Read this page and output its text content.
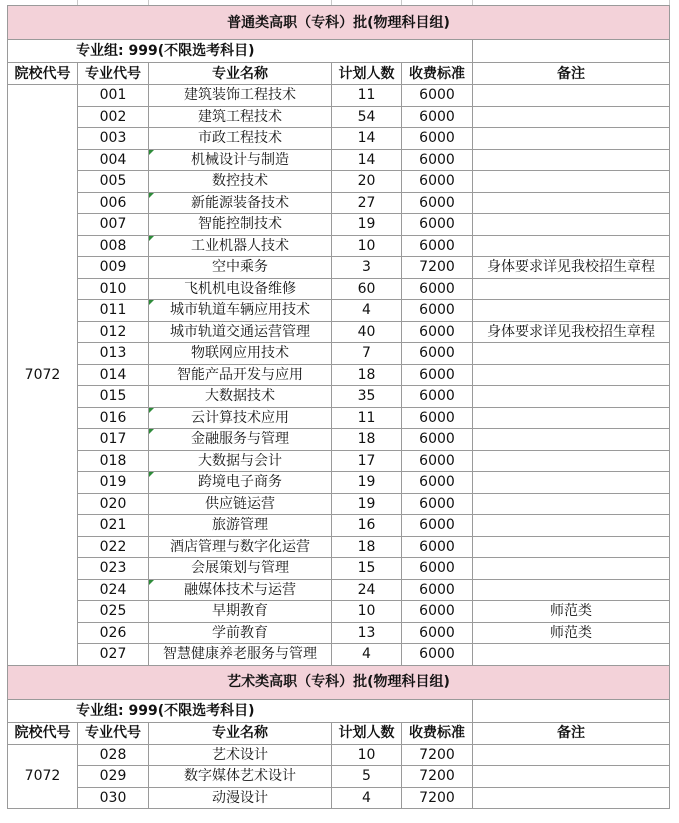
普通类高职（专科）批(物理科目组)					
专业组: 999(不限选考科目)					
院校代号	专业代号	专业名称	计划人数	收费标准	备注
7072	001	建筑装饰工程技术	11	6000	
	002	建筑工程技术	54	6000	
	003	市政工程技术	14	6000	
	004	机械设计与制造	14	6000	
	005	数控技术	20	6000	
	006	新能源装备技术	27	6000	
	007	智能控制技术	19	6000	
	008	工业机器人技术	10	6000	
	009	空中乘务	3	7200	身体要求详见我校招生章程
	010	飞机机电设备维修	60	6000	
	011	城市轨道车辆应用技术	4	6000	
	012	城市轨道交通运营管理	40	6000	身体要求详见我校招生章程
	013	物联网应用技术	7	6000	
	014	智能产品开发与应用	18	6000	
	015	大数据技术	35	6000	
	016	云计算技术应用	11	6000	
	017	金融服务与管理	18	6000	
	018	大数据与会计	17	6000	
	019	跨境电子商务	19	6000	
	020	供应链运营	19	6000	
	021	旅游管理	16	6000	
	022	酒店管理与数字化运营	18	6000	
	023	会展策划与管理	15	6000	
	024	融媒体技术与运营	24	6000	
	025	早期教育	10	6000	师范类
	026	学前教育	13	6000	师范类
	027	智慧健康养老服务与管理	4	6000	
艺术类高职（专科）批(物理科目组)					
专业组: 999(不限选考科目)					
院校代号	专业代号	专业名称	计划人数	收费标准	备注
7072	028	艺术设计	10	7200	
	029	数字媒体艺术设计	5	7200	
	030	动漫设计	4	7200	
